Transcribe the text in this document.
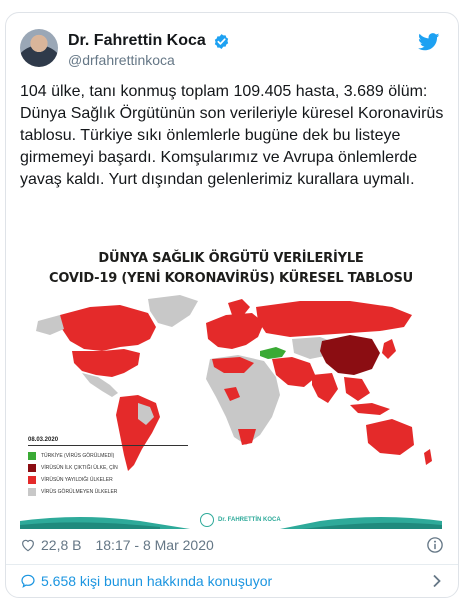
Dr. Fahrettin Koca
@drfahrettinkoca
104 ülke, tanı konmuş toplam 109.405 hasta, 3.689 ölüm: Dünya Sağlık Örgütünün son verileriyle küresel Koronavirüs tablosu. Türkiye sıkı önlemlerle bugüne dek bu listeye girmemeyi başardı. Komşularımız ve Avrupa önlemlerde yavaş kaldı. Yurt dışından gelenlerimiz kurallara uymalı.
DÜNYA SAĞLIK ÖRGÜTÜ VERİLERİYLE
COVID-19 (YENİ KORONAVİRÜS) KÜRESEL TABLOSU
08.03.2020
TÜRKİYE (VİRÜS GÖRÜLMEDİ)
VİRÜSÜN İLK ÇIKTIĞI ÜLKE, ÇİN
VİRÜSÜN YAYILDIĞI ÜLKELER
VİRÜS GÖRÜLMEYEN ÜLKELER
Dr. FAHRETTİN KOCA
22,8 B 18:17 - 8 Mar 2020
5.658 kişi bunun hakkında konuşuyor
